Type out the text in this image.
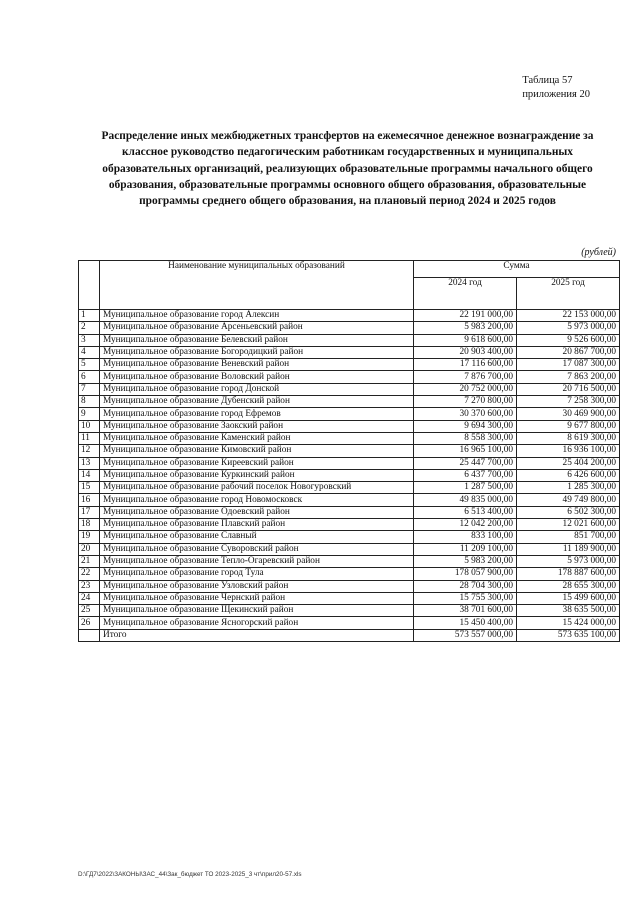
Таблица 57
приложения 20
Распределение иных межбюджетных трансфертов на ежемесячное денежное вознаграждение за классное руководство педагогическим работникам государственных и муниципальных образовательных организаций, реализующих образовательные программы начального общего образования, образовательные программы основного общего образования, образовательные программы среднего общего образования, на плановый период 2024 и 2025 годов
(рублей)
	Наименование муниципальных образований	Сумма	
		2024 год	2025 год
1	Муниципальное образование город Алексин	22 191 000,00	22 153 000,00
2	Муниципальное образование Арсеньевский район	5 983 200,00	5 973 000,00
3	Муниципальное образование Белевский район	9 618 600,00	9 526 600,00
4	Муниципальное образование Богородицкий район	20 903 400,00	20 867 700,00
5	Муниципальное образование Веневский район	17 116 600,00	17 087 300,00
6	Муниципальное образование Воловский район	7 876 700,00	7 863 200,00
7	Муниципальное образование город Донской	20 752 000,00	20 716 500,00
8	Муниципальное образование Дубенский район	7 270 800,00	7 258 300,00
9	Муниципальное образование город Ефремов	30 370 600,00	30 469 900,00
10	Муниципальное образование Заокский район	9 694 300,00	9 677 800,00
11	Муниципальное образование Каменский район	8 558 300,00	8 619 300,00
12	Муниципальное образование Кимовский район	16 965 100,00	16 936 100,00
13	Муниципальное образование Киреевский район	25 447 700,00	25 404 200,00
14	Муниципальное образование Куркинский район	6 437 700,00	6 426 600,00
15	Муниципальное образование рабочий поселок Новогуровский	1 287 500,00	1 285 300,00
16	Муниципальное образование город Новомосковск	49 835 000,00	49 749 800,00
17	Муниципальное образование Одоевский район	6 513 400,00	6 502 300,00
18	Муниципальное образование Плавский район	12 042 200,00	12 021 600,00
19	Муниципальное образование Славный	833 100,00	851 700,00
20	Муниципальное образование Суворовский район	11 209 100,00	11 189 900,00
21	Муниципальное образование Тепло-Огаревский район	5 983 200,00	5 973 000,00
22	Муниципальное образование город Тула	178 057 900,00	178 887 600,00
23	Муниципальное образование Узловский район	28 704 300,00	28 655 300,00
24	Муниципальное образование Чернский район	15 755 300,00	15 499 600,00
25	Муниципальное образование Щекинский район	38 701 600,00	38 635 500,00
26	Муниципальное образование Ясногорский район	15 450 400,00	15 424 000,00
	Итого	573 557 000,00	573 635 100,00
D:\ГД7\2022\ЗАКОНЫ\ЗАС_44\Зак_бюджет ТО 2023-2025_3 чт\прил20-57.xls
